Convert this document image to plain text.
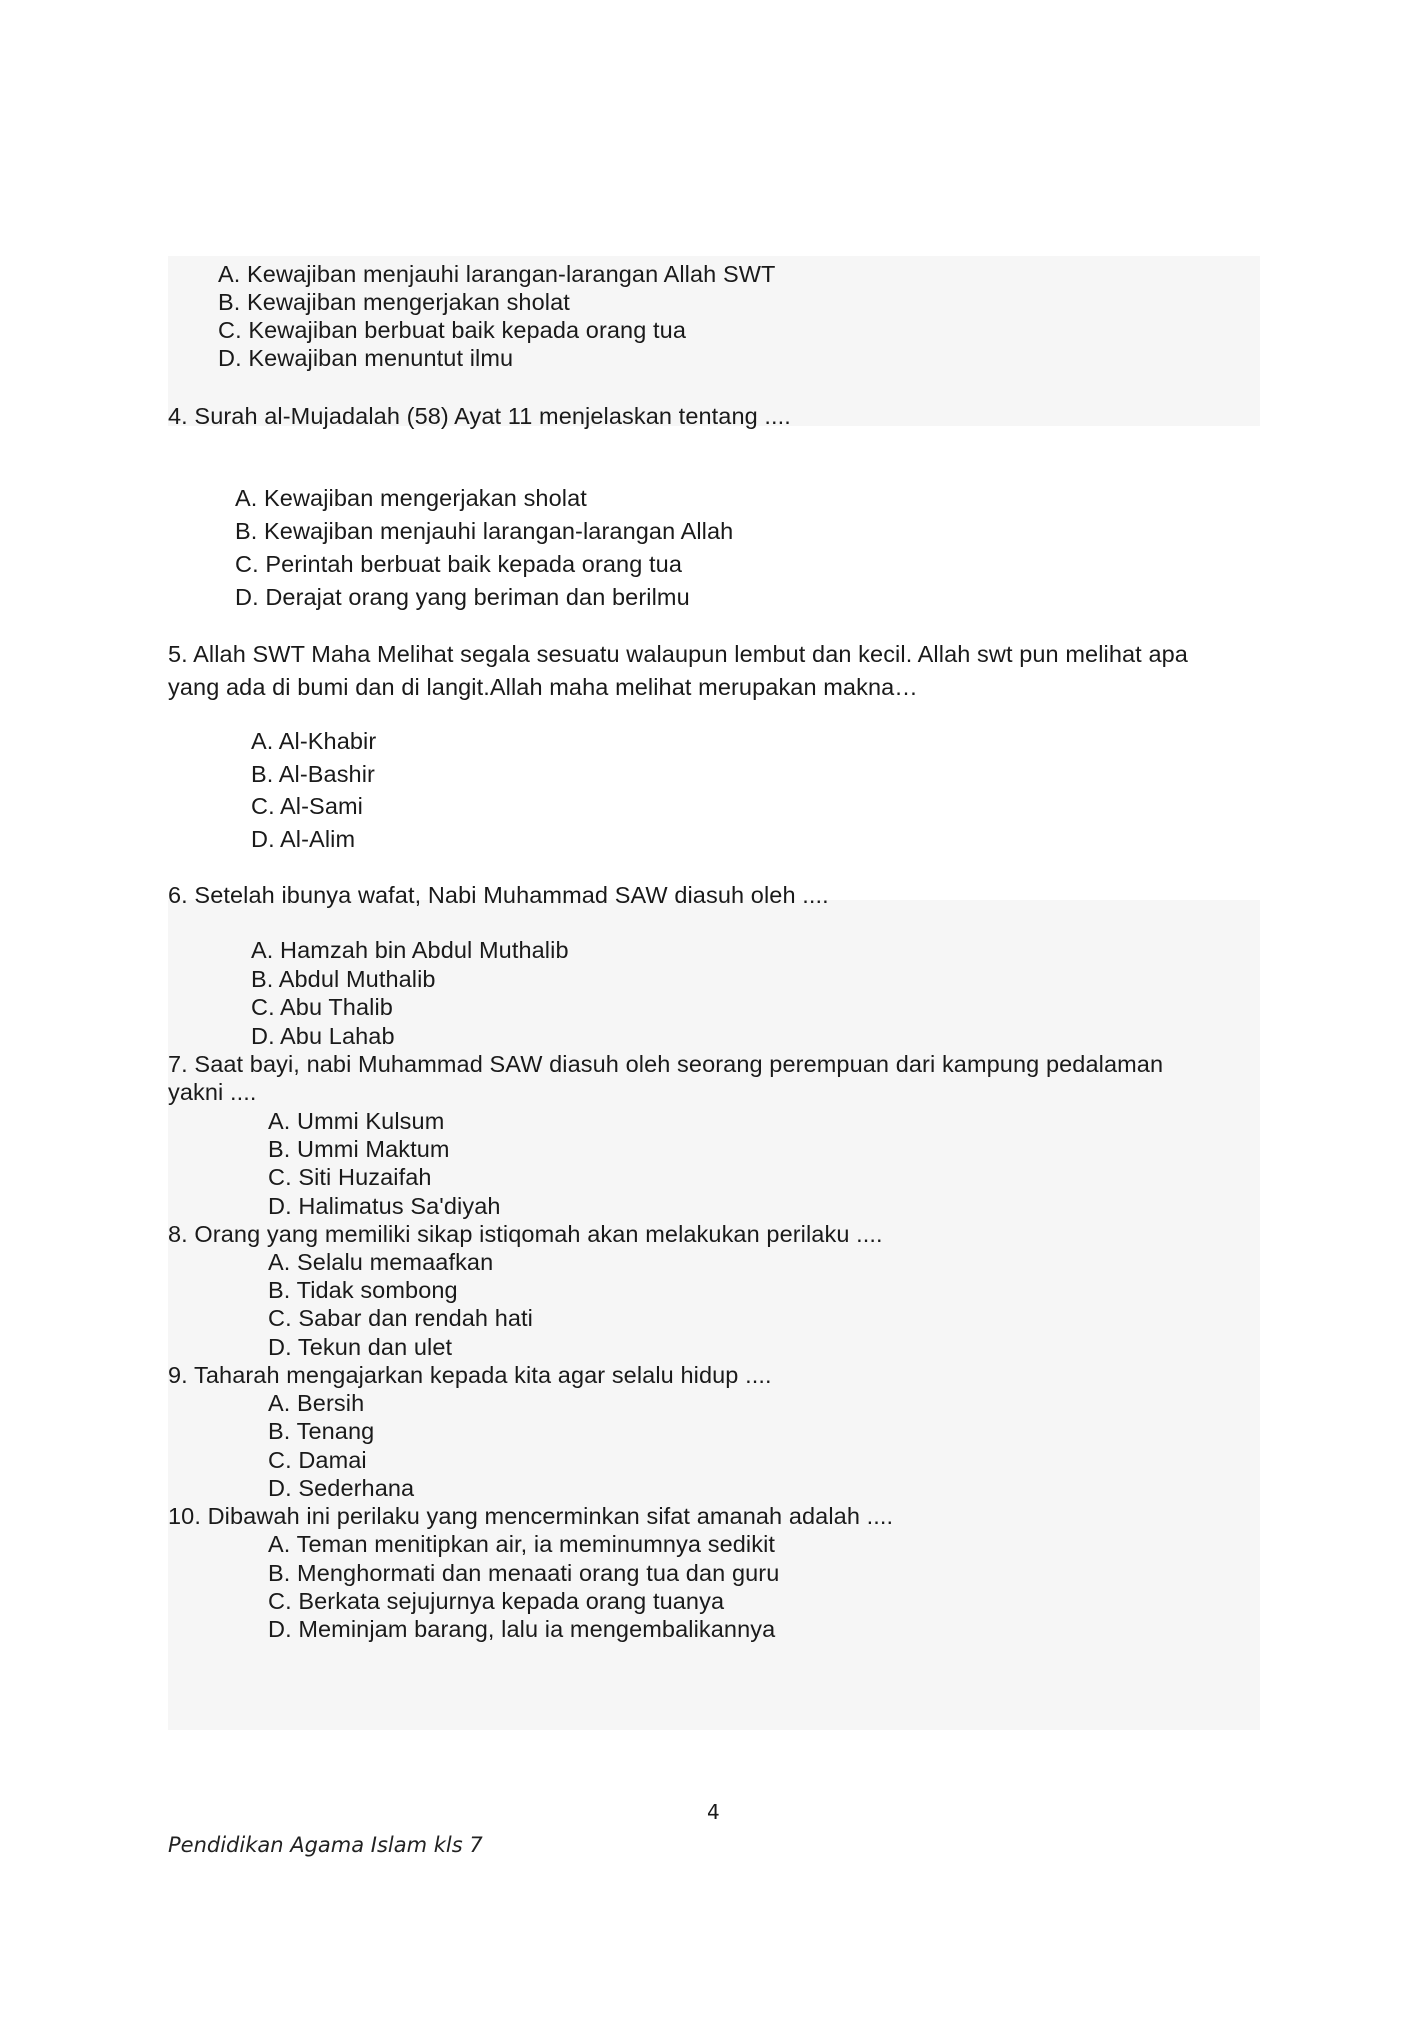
A. Kewajiban menjauhi larangan-larangan Allah SWT
B. Kewajiban mengerjakan sholat
C. Kewajiban berbuat baik kepada orang tua
D. Kewajiban menuntut ilmu
4. Surah al-Mujadalah (58) Ayat 11 menjelaskan tentang ....
A. Kewajiban mengerjakan sholat
B. Kewajiban menjauhi larangan-larangan Allah
C. Perintah berbuat baik kepada orang tua
D. Derajat orang yang beriman dan berilmu
5. Allah SWT Maha Melihat segala sesuatu walaupun lembut dan kecil. Allah swt pun melihat apa
yang ada di bumi dan di langit.Allah maha melihat merupakan makna…
A. Al-Khabir
B. Al-Bashir
C. Al-Sami
D. Al-Alim
6. Setelah ibunya wafat, Nabi Muhammad SAW diasuh oleh ....
A. Hamzah bin Abdul Muthalib
B. Abdul Muthalib
C. Abu Thalib
D. Abu Lahab
7. Saat bayi, nabi Muhammad SAW diasuh oleh seorang perempuan dari kampung pedalaman
yakni ....
A. Ummi Kulsum
B. Ummi Maktum
C. Siti Huzaifah
D. Halimatus Sa'diyah
8. Orang yang memiliki sikap istiqomah akan melakukan perilaku ....
A. Selalu memaafkan
B. Tidak sombong
C. Sabar dan rendah hati
D. Tekun dan ulet
9. Taharah mengajarkan kepada kita agar selalu hidup ....
A. Bersih
B. Tenang
C. Damai
D. Sederhana
10. Dibawah ini perilaku yang mencerminkan sifat amanah adalah ....
A. Teman menitipkan air, ia meminumnya sedikit
B. Menghormati dan menaati orang tua dan guru
C. Berkata sejujurnya kepada orang tuanya
D. Meminjam barang, lalu ia mengembalikannya
4
Pendidikan Agama Islam kls 7
